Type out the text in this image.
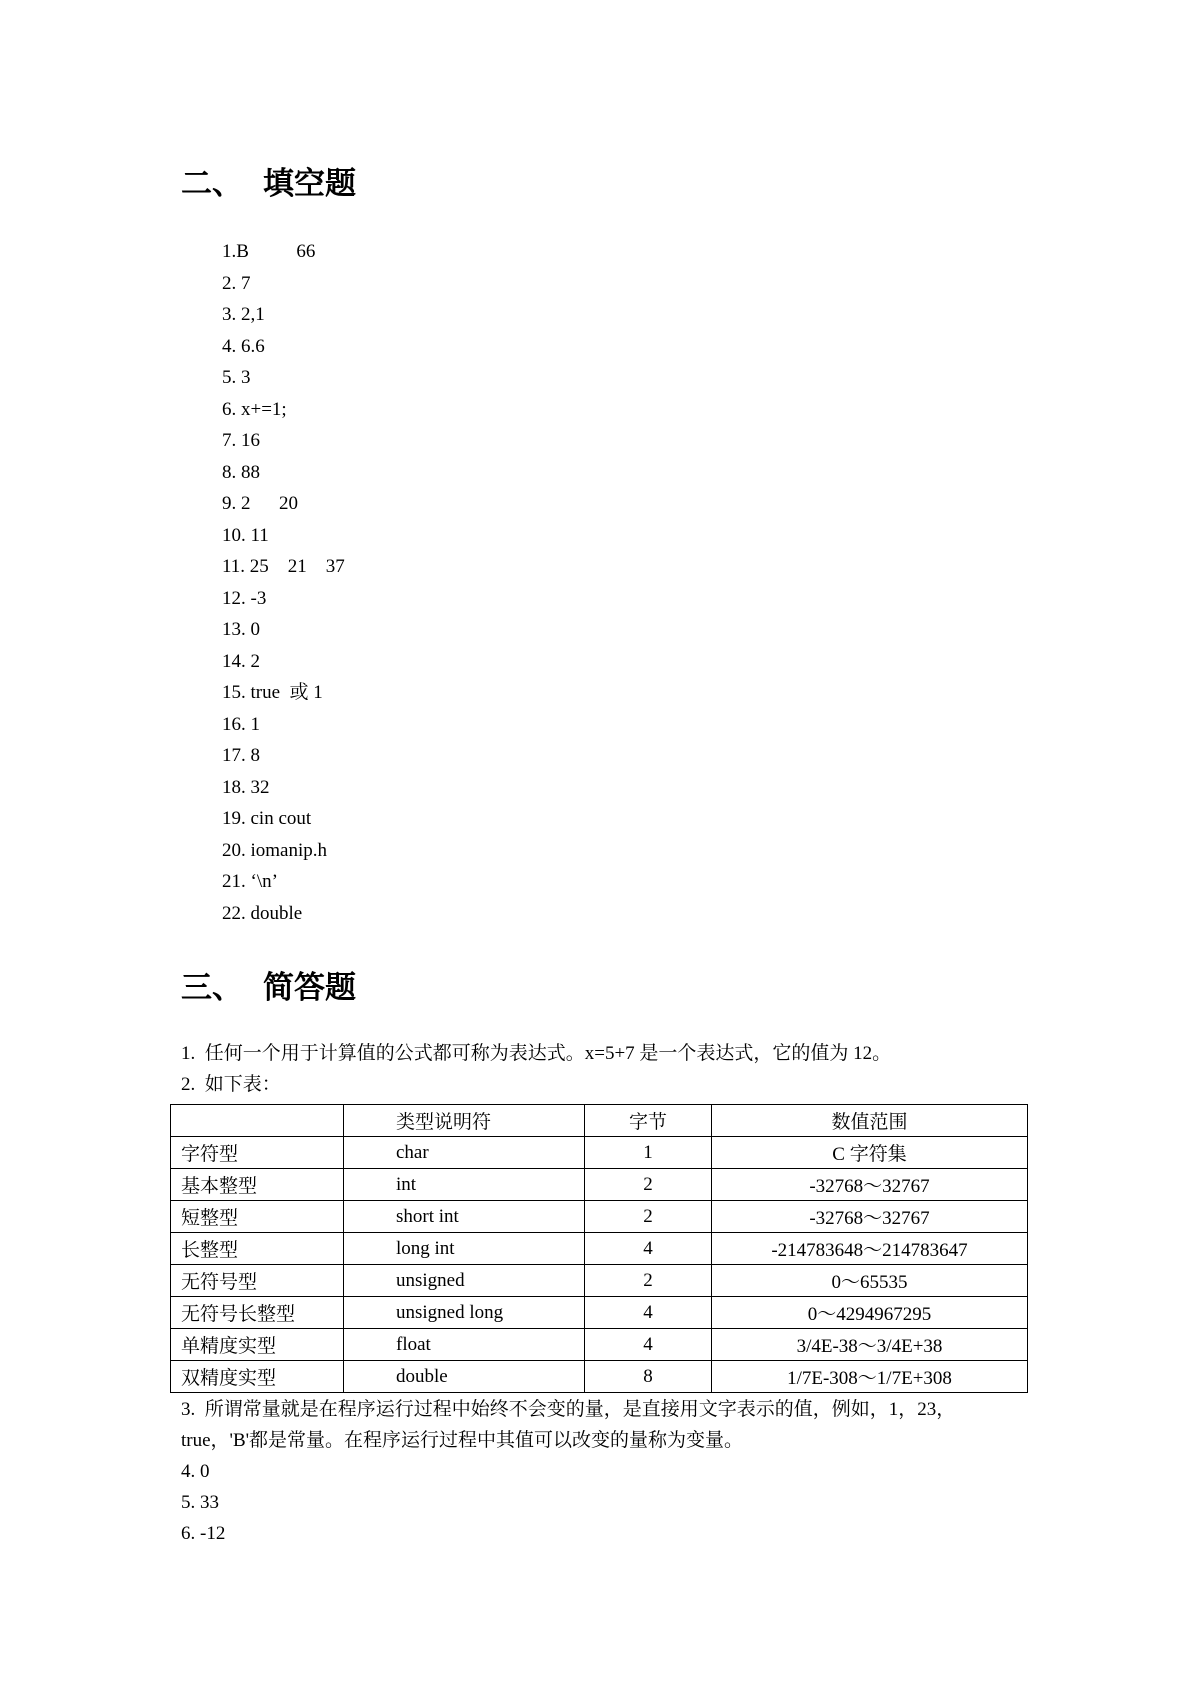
二、 填空题
1.B          66
2. 7
3. 2,1
4. 6.6
5. 3
6. x+=1;
7. 16
8. 88
9. 2      20
10. 11
11. 25    21    37
12. -3
13. 0
14. 2
15. true  或 1
16. 1
17. 8
18. 32
19. cin cout
20. iomanip.h
21. ‘\n’
22. double
三、 简答题

1.  任何一个用于计算值的公式都可称为表达式。x=5+7 是一个表达式，它的值为 12。

2.  如下表：

	类型说明符	字节	数值范围
字符型	char	1	C 字符集
基本整型	int	2	-32768～32767
短整型	short int	2	-32768～32767
长整型	long int	4	-214783648～214783647
无符号型	unsigned	2	0～65535
无符号长整型	unsigned long	4	0～4294967295
单精度实型	float	4	3/4E-38～3/4E+38
双精度实型	double	8	1/7E-308～1/7E+308

3.  所谓常量就是在程序运行过程中始终不会变的量，是直接用文字表示的值，例如，1，23，

true，'B'都是常量。在程序运行过程中其值可以改变的量称为变量。

4. 0

5. 33

6. -12
